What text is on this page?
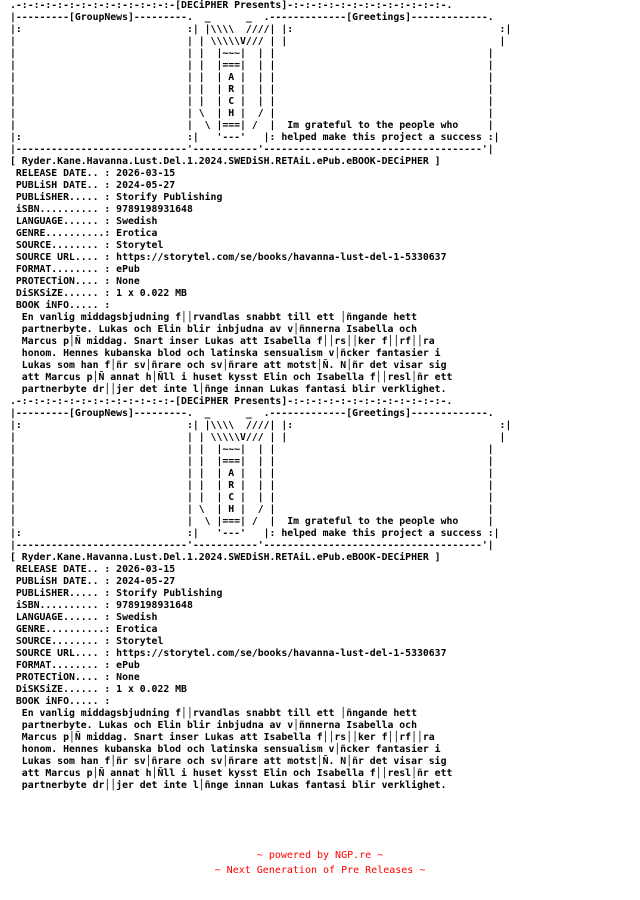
.-:-:-:-:-:-:-:-:-:-:-:-:-:-[DECiPHER Presents]-:-:-:-:-:-:-:-:-:-:-:-:-:-.
|---------[GroupNews]---------.  _      _  .-------------[Greetings]-------------.
|:                            :| |\\\\  ////| |:                                   :|
|                             | | \\\\\V/// | |                                    |
|                             | |  |~~~|  | |                                    |
|                             | |  |===|  | |                                    |
|                             | |  | A |  | |                                    |
|                             | |  | R |  | |                                    |
|                             | |  | C |  | |                                    |
|                             | \  | H |  / |                                    |
|                             |  \ |===| /  |  Im grateful to the people who     |
|:                            :|   '---'   |: helped make this project a success :|
|-----------------------------'-----------'-------------------------------------'|
[ Ryder.Kane.Havanna.Lust.Del.1.2024.SWEDiSH.RETAiL.ePub.eBOOK-DECiPHER ]
RELEASE DATE.. : 2026-03-15
PUBLiSH DATE.. : 2024-05-27
PUBLiSHER..... : Storify Publishing
iSBN.......... : 9789198931648
LANGUAGE...... : Swedish
GENRE..........: Erotica
SOURCE........ : Storytel
SOURCE URL.... : https://storytel.com/se/books/havanna-lust-del-1-5330637
FORMAT........ : ePub
PROTECTiON.... : None
DiSKSiZE...... : 1 x 0.022 MB
BOOK iNFO..... :
En vanlig middagsbjudning f││rvandlas snabbt till ett │ñngande hett
partnerbyte. Lukas och Elin blir inbjudna av v│ñnnerna Isabella och
Marcus p│Ñ middag. Snart inser Lukas att Isabella f││rs││ker f││rf││ra
honom. Hennes kubanska blod och latinska sensualism v│ñcker fantasier i
Lukas som han f│ñr sv│ñrare och sv│ñrare att motst│Ñ. N│ñr det visar sig
att Marcus p│Ñ annat h│Ñll i huset kysst Elin och Isabella f││resl│ñr ett
partnerbyte dr││jer det inte l│ñnge innan Lukas fantasi blir verklighet.
.-:-:-:-:-:-:-:-:-:-:-:-:-:-[DECiPHER Presents]-:-:-:-:-:-:-:-:-:-:-:-:-:-.
|---------[GroupNews]---------.  _      _  .-------------[Greetings]-------------.
|:                            :| |\\\\  ////| |:                                   :|
|                             | | \\\\\V/// | |                                    |
|                             | |  |~~~|  | |                                    |
|                             | |  |===|  | |                                    |
|                             | |  | A |  | |                                    |
|                             | |  | R |  | |                                    |
|                             | |  | C |  | |                                    |
|                             | \  | H |  / |                                    |
|                             |  \ |===| /  |  Im grateful to the people who     |
|:                            :|   '---'   |: helped make this project a success :|
|-----------------------------'-----------'-------------------------------------'|
[ Ryder.Kane.Havanna.Lust.Del.1.2024.SWEDiSH.RETAiL.ePub.eBOOK-DECiPHER ]
RELEASE DATE.. : 2026-03-15
PUBLiSH DATE.. : 2024-05-27
PUBLiSHER..... : Storify Publishing
iSBN.......... : 9789198931648
LANGUAGE...... : Swedish
GENRE..........: Erotica
SOURCE........ : Storytel
SOURCE URL.... : https://storytel.com/se/books/havanna-lust-del-1-5330637
FORMAT........ : ePub
PROTECTiON.... : None
DiSKSiZE...... : 1 x 0.022 MB
BOOK iNFO..... :
En vanlig middagsbjudning f││rvandlas snabbt till ett │ñngande hett
partnerbyte. Lukas och Elin blir inbjudna av v│ñnnerna Isabella och
Marcus p│Ñ middag. Snart inser Lukas att Isabella f││rs││ker f││rf││ra
honom. Hennes kubanska blod och latinska sensualism v│ñcker fantasier i
Lukas som han f│ñr sv│ñrare och sv│ñrare att motst│Ñ. N│ñr det visar sig
att Marcus p│Ñ annat h│Ñll i huset kysst Elin och Isabella f││resl│ñr ett
partnerbyte dr││jer det inte l│ñnge innan Lukas fantasi blir verklighet.
~ powered by NGP.re ~
~ Next Generation of Pre Releases ~
